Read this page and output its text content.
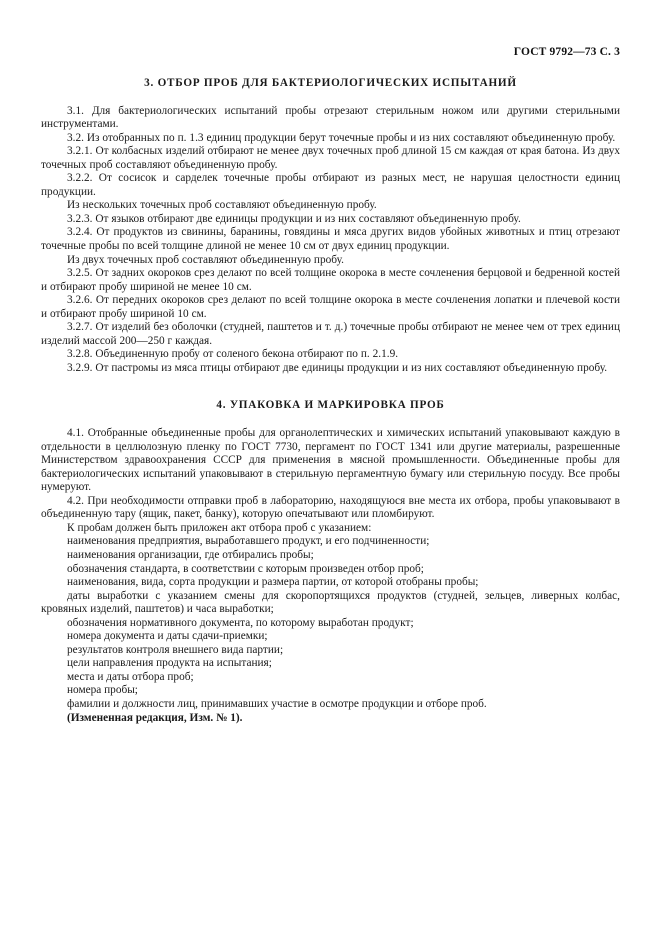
ГОСТ 9792—73 С. 3
3. ОТБОР ПРОБ ДЛЯ БАКТЕРИОЛОГИЧЕСКИХ ИСПЫТАНИЙ

3.1. Для бактериологических испытаний пробы отрезают стерильным ножом или другими стерильными инструментами.

3.2. Из отобранных по п. 1.3 единиц продукции берут точечные пробы и из них составляют объединенную пробу.

3.2.1. От колбасных изделий отбирают не менее двух точечных проб длиной 15 см каждая от края батона. Из двух точечных проб составляют объединенную пробу.

3.2.2. От сосисок и сарделек точечные пробы отбирают из разных мест, не нарушая целостности единиц продукции.

Из нескольких точечных проб составляют объединенную пробу.

3.2.3. От языков отбирают две единицы продукции и из них составляют объединенную пробу.

3.2.4. От продуктов из свинины, баранины, говядины и мяса других видов убойных животных и птиц отрезают точечные пробы по всей толщине длиной не менее 10 см от двух единиц продукции.

Из двух точечных проб составляют объединенную пробу.

3.2.5. От задних окороков срез делают по всей толщине окорока в месте сочленения берцовой и бедренной костей и отбирают пробу шириной не менее 10 см.

3.2.6. От передних окороков срез делают по всей толщине окорока в месте сочленения лопатки и плечевой кости и отбирают пробу шириной 10 см.

3.2.7. От изделий без оболочки (студней, паштетов и т. д.) точечные пробы отбирают не менее чем от трех единиц изделий массой 200—250 г каждая.

3.2.8. Объединенную пробу от соленого бекона отбирают по п. 2.1.9.

3.2.9. От пастромы из мяса птицы отбирают две единицы продукции и из них составляют объединенную пробу.

4. УПАКОВКА И МАРКИРОВКА ПРОБ

4.1. Отобранные объединенные пробы для органолептических и химических испытаний упаковывают каждую в отдельности в целлюлозную пленку по ГОСТ 7730, пергамент по ГОСТ 1341 или другие материалы, разрешенные Министерством здравоохранения СССР для применения в мясной промышленности. Объединенные пробы для бактериологических испытаний упаковывают в стерильную пергаментную бумагу или стерильную посуду. Все пробы нумеруют.

4.2. При необходимости отправки проб в лабораторию, находящуюся вне места их отбора, пробы упаковывают в объединенную тару (ящик, пакет, банку), которую опечатывают или пломбируют.

К пробам должен быть приложен акт отбора проб с указанием:

наименования предприятия, выработавшего продукт, и его подчиненности;

наименования организации, где отбирались пробы;

обозначения стандарта, в соответствии с которым произведен отбор проб;

наименования, вида, сорта продукции и размера партии, от которой отобраны пробы;

даты выработки с указанием смены для скоропортящихся продуктов (студней, зельцев, ливерных колбас, кровяных изделий, паштетов) и часа выработки;

обозначения нормативного документа, по которому выработан продукт;

номера документа и даты сдачи-приемки;

результатов контроля внешнего вида партии;

цели направления продукта на испытания;

места и даты отбора проб;

номера пробы;

фамилии и должности лиц, принимавших участие в осмотре продукции и отборе проб.

(Измененная редакция, Изм. № 1).
